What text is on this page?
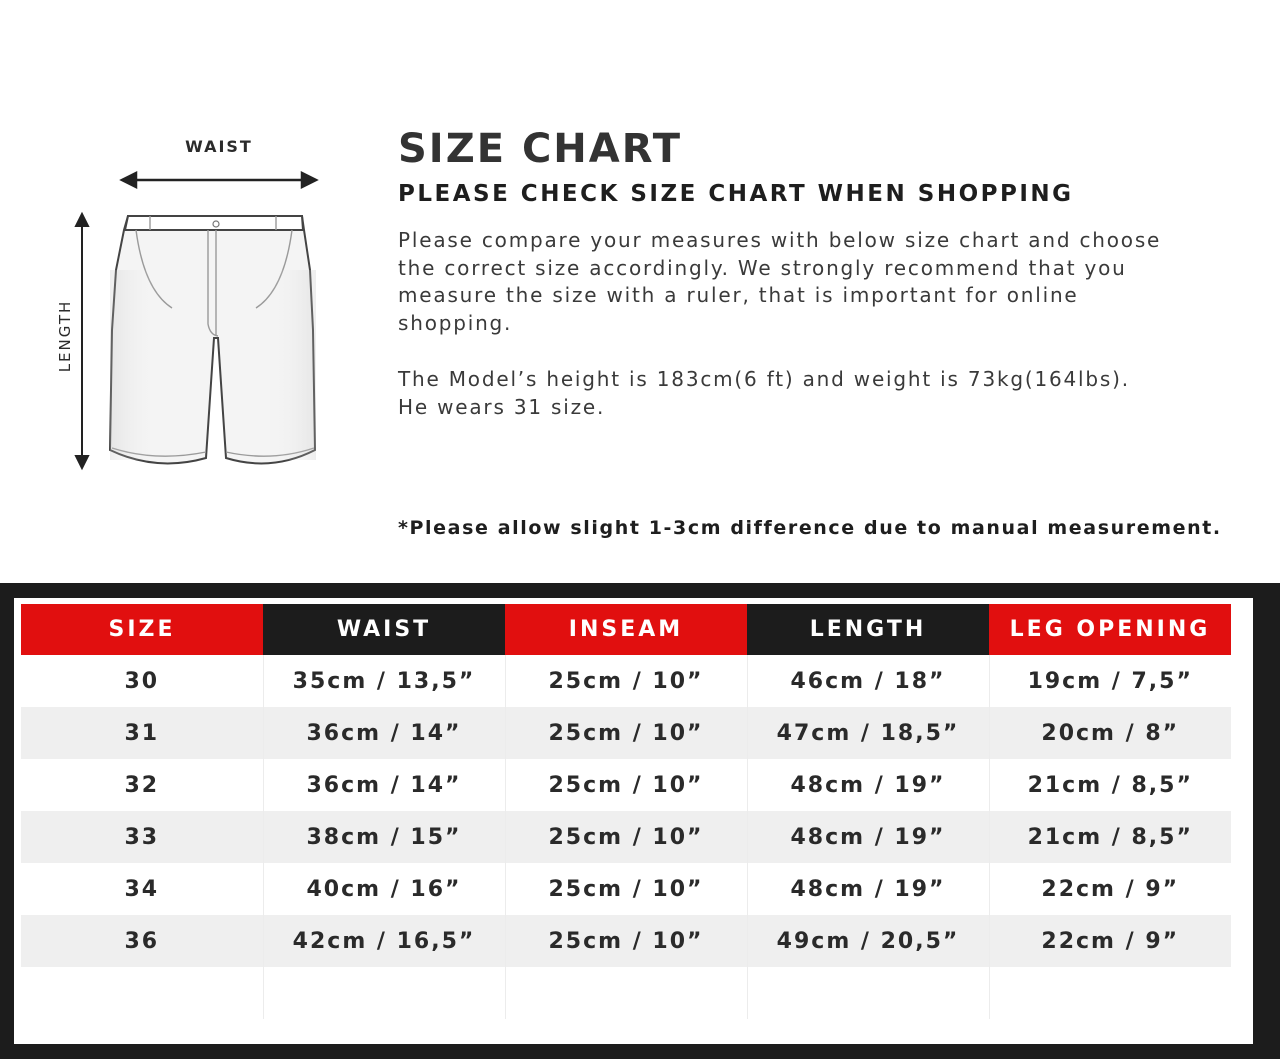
WAIST
LENGTH
SIZE CHART
PLEASE CHECK SIZE CHART WHEN SHOPPING

Please compare your measures with below size chart and choose

the correct size accordingly. We strongly recommend that you

measure the size with a ruler, that is important for online

shopping.

The Model’s height is 183cm(6 ft) and weight is 73kg(164lbs).

He wears 31 size.

*Please allow slight 1-3cm difference due to manual measurement.
SIZE	WAIST	INSEAM	LENGTH	LEG OPENING
30	35cm / 13,5”	25cm / 10”	46cm / 18”	19cm / 7,5”
31	36cm / 14”	25cm / 10”	47cm / 18,5”	20cm / 8”
32	36cm / 14”	25cm / 10”	48cm / 19”	21cm / 8,5”
33	38cm / 15”	25cm / 10”	48cm / 19”	21cm / 8,5”
34	40cm / 16”	25cm / 10”	48cm / 19”	22cm / 9”
36	42cm / 16,5”	25cm / 10”	49cm / 20,5”	22cm / 9”
